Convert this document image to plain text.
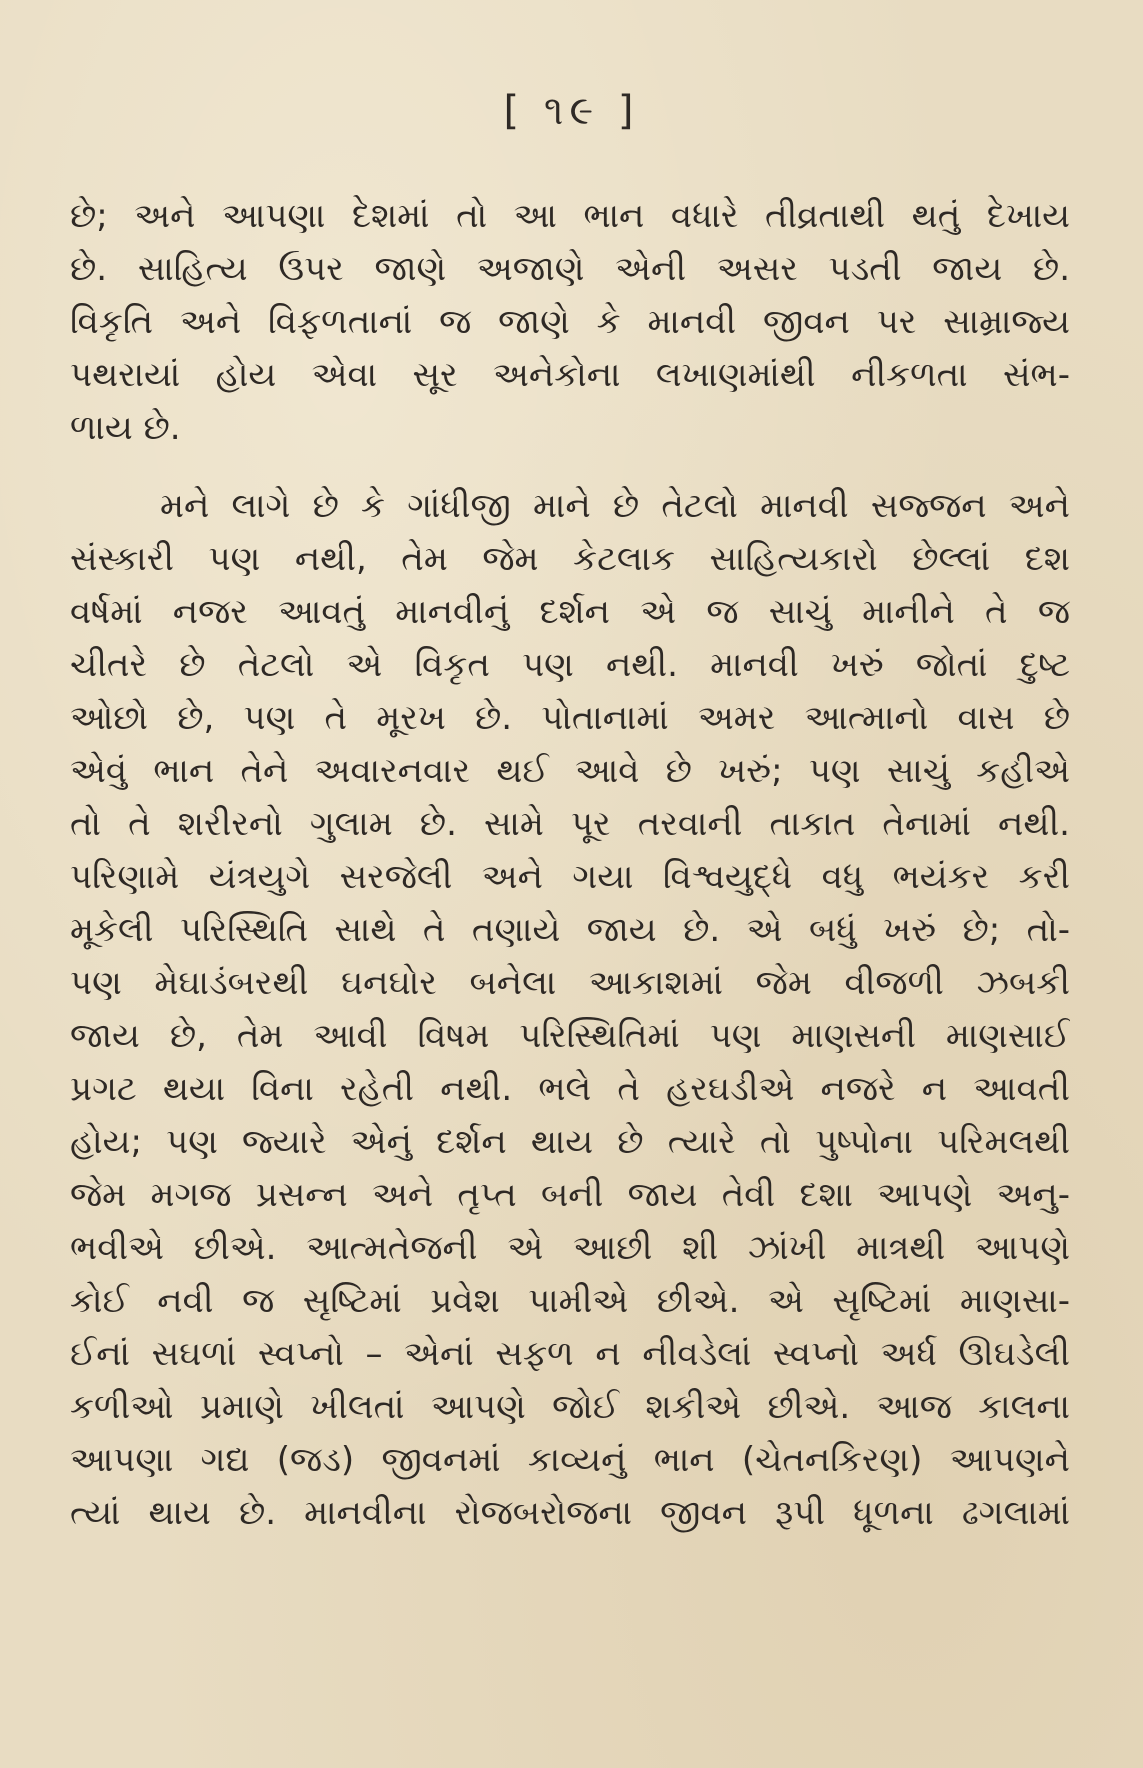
[ ૧૯ ]
છે; અને આપણા દેશમાં તો આ ભાન વધારે તીવ્રતાથી થતું દેખાય
છે. સાહિત્ય ઉપર જાણે અજાણે એની અસર પડતી જાય છે.
વિકૃતિ અને વિફળતાનાં જ જાણે કે માનવી જીવન પર સામ્રાજ્ય
પથરાયાં હોય એવા સૂર અનેકોના લખાણમાંથી નીકળતા સંભ-
ળાય છે.
મને લાગે છે કે ગાંધીજી માને છે તેટલો માનવી સજ્જન અને
સંસ્કારી પણ નથી, તેમ જેમ કેટલાક સાહિત્યકારો છેલ્લાં દશ
વર્ષમાં નજર આવતું માનવીનું દર્શન એ જ સાચું માનીને તે જ
ચીતરે છે તેટલો એ વિકૃત પણ નથી. માનવી ખરું જોતાં દુષ્ટ
ઓછો છે, પણ તે મૂરખ છે. પોતાનામાં અમર આત્માનો વાસ છે
એવું ભાન તેને અવારનવાર થઈ આવે છે ખરું; પણ સાચું કહીએ
તો તે શરીરનો ગુલામ છે. સામે પૂર તરવાની તાકાત તેનામાં નથી.
પરિણામે યંત્રયુગે સરજેલી અને ગયા વિશ્વયુદ્ધે વધુ ભયંકર કરી
મૂકેલી પરિસ્થિતિ સાથે તે તણાયે જાય છે. એ બધું ખરું છે; તો-
પણ મેઘાડંબરથી ઘનઘોર બનેલા આકાશમાં જેમ વીજળી ઝબકી
જાય છે, તેમ આવી વિષમ પરિસ્થિતિમાં પણ માણસની માણસાઈ
પ્રગટ થયા વિના રહેતી નથી. ભલે તે હરઘડીએ નજરે ન આવતી
હોય; પણ જ્યારે એનું દર્શન થાય છે ત્યારે તો પુષ્પોના પરિમલથી
જેમ મગજ પ્રસન્ન અને તૃપ્ત બની જાય તેવી દશા આપણે અનુ-
ભવીએ છીએ. આત્મતેજની એ આછી શી ઝાંખી માત્રથી આપણે
કોઈ નવી જ સૃષ્ટિમાં પ્રવેશ પામીએ છીએ. એ સૃષ્ટિમાં માણસા-
ઈનાં સઘળાં સ્વપ્નો – એનાં સફળ ન નીવડેલાં સ્વપ્નો અર્ધ ઊઘડેલી
કળીઓ પ્રમાણે ખીલતાં આપણે જોઈ શકીએ છીએ. આજ કાલના
આપણા ગદ્ય (જડ) જીવનમાં કાવ્યનું ભાન (ચેતનકિરણ) આપણને
ત્યાં થાય છે. માનવીના રોજબરોજના જીવન રૂપી ધૂળના ઢગલામાં
